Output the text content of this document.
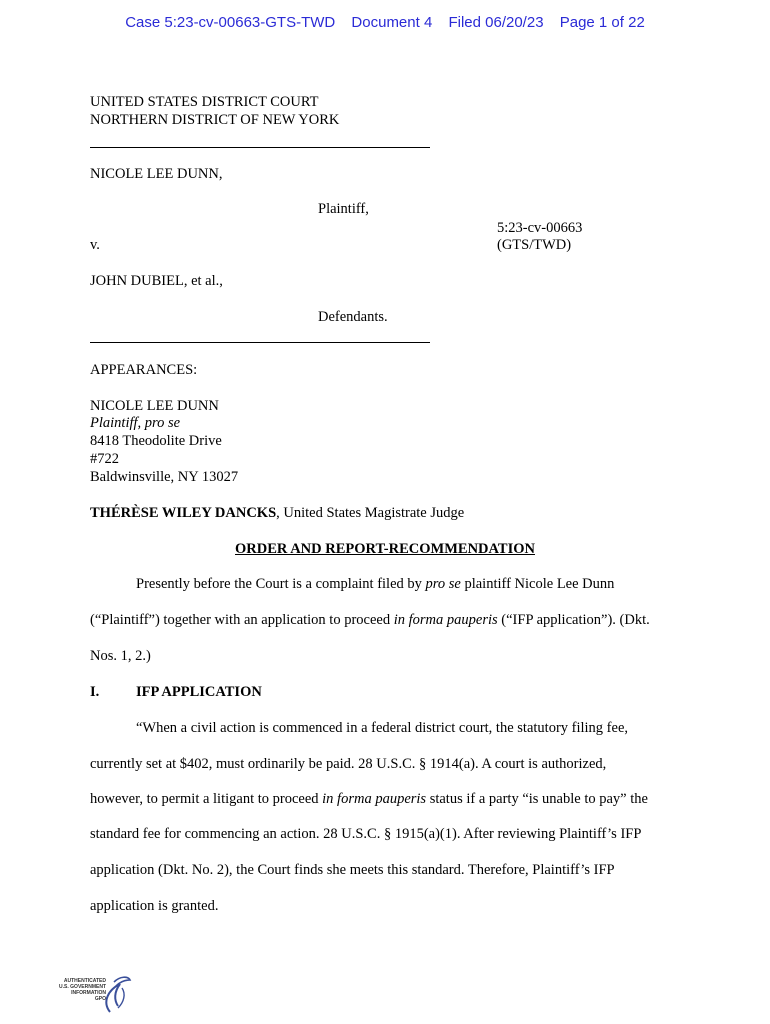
Case 5:23-cv-00663-GTS-TWD Document 4 Filed 06/20/23 Page 1 of 22
UNITED STATES DISTRICT COURT
NORTHERN DISTRICT OF NEW YORK
NICOLE LEE DUNN,
Plaintiff,
5:23-cv-00663
(GTS/TWD)
v.
JOHN DUBIEL, et al.,
Defendants.
APPEARANCES:
NICOLE LEE DUNN
Plaintiff, pro se
8418 Theodolite Drive
#722
Baldwinsville, NY 13027
THÉRÈSE WILEY DANCKS, United States Magistrate Judge
ORDER AND REPORT-RECOMMENDATION
Presently before the Court is a complaint filed by pro se plaintiff Nicole Lee Dunn
(“Plaintiff”) together with an application to proceed in forma pauperis (“IFP application”). (Dkt.
Nos. 1, 2.)
I.	IFP APPLICATION
“When a civil action is commenced in a federal district court, the statutory filing fee,
currently set at $402, must ordinarily be paid. 28 U.S.C. § 1914(a). A court is authorized,
however, to permit a litigant to proceed in forma pauperis status if a party “is unable to pay” the
standard fee for commencing an action. 28 U.S.C. § 1915(a)(1). After reviewing Plaintiff’s IFP
application (Dkt. No. 2), the Court finds she meets this standard. Therefore, Plaintiff’s IFP
application is granted.
AUTHENTICATED
U.S. GOVERNMENT
INFORMATION
GPO
